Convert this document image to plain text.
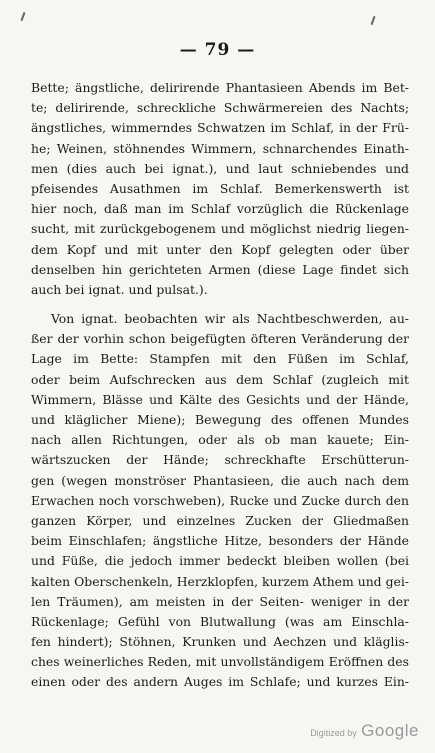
— 79 —
Bette; ängstliche, delirirende Phantasieen Abends im Bet-
te; delirirende, schreckliche Schwärmereien des Nachts;
ängstliches, wimmerndes Schwatzen im Schlaf, in der Frü-
he; Weinen, stöhnendes Wimmern, schnarchendes Einath-
men (dies auch bei ignat.), und laut schniebendes und
pfeisendes Ausathmen im Schlaf. Bemerkenswerth ist
hier noch, daß man im Schlaf vorzüglich die Rückenlage
sucht, mit zurückgebogenem und möglichst niedrig liegen-
dem Kopf und mit unter den Kopf gelegten oder über
denselben hin gerichteten Armen (diese Lage findet sich
auch bei ignat. und pulsat.).
Von ignat. beobachten wir als Nachtbeschwerden, au-
ßer der vorhin schon beigefügten öfteren Veränderung der
Lage im Bette: Stampfen mit den Füßen im Schlaf,
oder beim Aufschrecken aus dem Schlaf (zugleich mit
Wimmern, Blässe und Kälte des Gesichts und der Hände,
und kläglicher Miene); Bewegung des offenen Mundes
nach allen Richtungen, oder als ob man kauete; Ein-
wärtszucken der Hände; schreckhafte Erschütterun-
gen (wegen monströser Phantasieen, die auch nach dem
Erwachen noch vorschweben), Rucke und Zucke durch den
ganzen Körper, und einzelnes Zucken der Gliedmaßen
beim Einschlafen; ängstliche Hitze, besonders der Hände
und Füße, die jedoch immer bedeckt bleiben wollen (bei
kalten Oberschenkeln, Herzklopfen, kurzem Athem und gei-
len Träumen), am meisten in der Seiten- weniger in der
Rückenlage; Gefühl von Blutwallung (was am Einschla-
fen hindert); Stöhnen, Krunken und Aechzen und kläglis-
ches weinerliches Reden, mit unvollständigem Eröffnen des
einen oder des andern Auges im Schlafe; und kurzes Ein-
Digitized by Google
